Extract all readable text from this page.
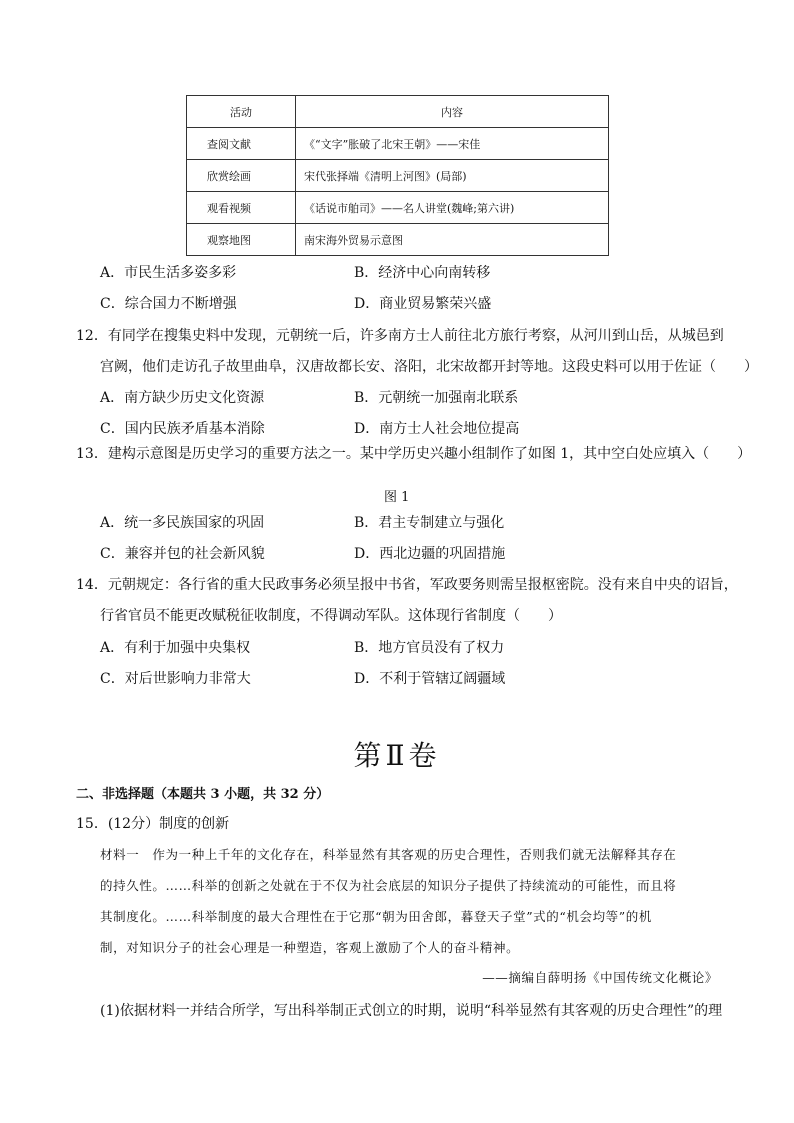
活动	内容
查阅文献	《“文字”胀破了北宋王朝》——宋佳
欣赏绘画	宋代张择端《清明上河图》(局部)
观看视频	《话说市舶司》——名人讲堂(魏峰;第六讲)
观察地图	南宋海外贸易示意图
A．市民生活多姿多彩	B．经济中心向南转移
C．综合国力不断增强	D．商业贸易繁荣兴盛
12．有同学在搜集史料中发现，元朝统一后，许多南方士人前往北方旅行考察，从河川到山岳，从城邑到
宫阙，他们走访孔子故里曲阜，汉唐故都长安、洛阳，北宋故都开封等地。这段史料可以用于佐证（　　）
A．南方缺少历史文化资源	B．元朝统一加强南北联系
C．国内民族矛盾基本消除	D．南方士人社会地位提高
13．建构示意图是历史学习的重要方法之一。某中学历史兴趣小组制作了如图 1，其中空白处应填入（　　）
图 1
A．统一多民族国家的巩固	B．君主专制建立与强化
C．兼容并包的社会新风貌	D．西北边疆的巩固措施
14．元朝规定：各行省的重大民政事务必须呈报中书省，军政要务则需呈报枢密院。没有来自中央的诏旨，
行省官员不能更改赋税征收制度，不得调动军队。这体现行省制度（　　）
A．有利于加强中央集权	B．地方官员没有了权力
C．对后世影响力非常大	D．不利于管辖辽阔疆域
第Ⅱ卷
二、非选择题（本题共 3 小题，共 32 分）
15．(12分）制度的创新
材料一　作为一种上千年的文化存在，科举显然有其客观的历史合理性，否则我们就无法解释其存在
的持久性。……科举的创新之处就在于不仅为社会底层的知识分子提供了持续流动的可能性，而且将
其制度化。……科举制度的最大合理性在于它那“朝为田舍郎，暮登天子堂”式的“机会均等”的机
制，对知识分子的社会心理是一种塑造，客观上激励了个人的奋斗精神。
——摘编自薛明扬《中国传统文化概论》
(1)依据材料一并结合所学，写出科举制正式创立的时期，说明“科举显然有其客观的历史合理性”的理
